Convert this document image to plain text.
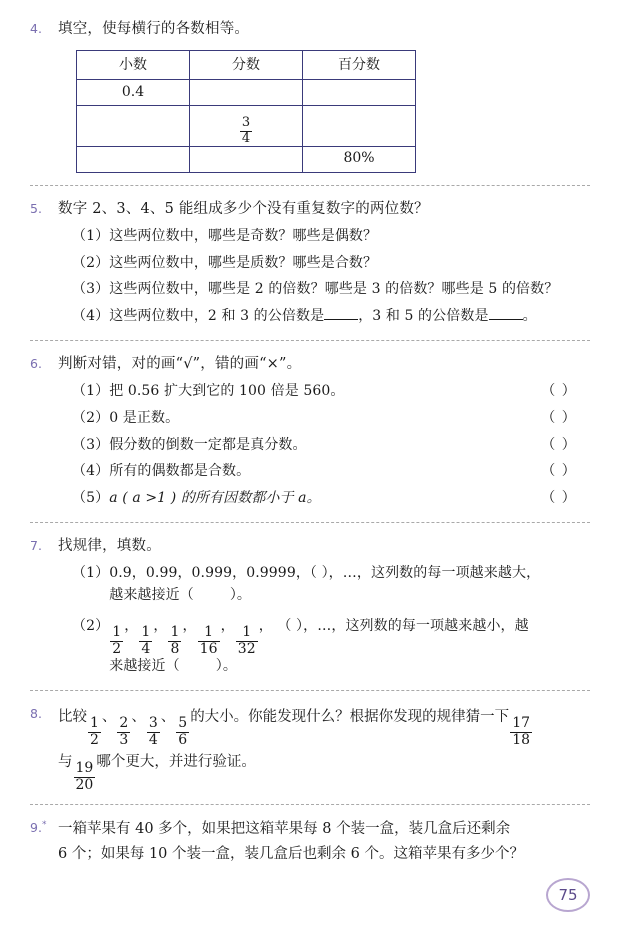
4.	填空，使每横行的各数相等。
小数	分数	百分数
0.4		

	$\frac{3}{4}$

		80%
5.	数字 2、3、4、5 能组成多少个没有重复数字的两位数？
（1） 这些两位数中，哪些是奇数？哪些是偶数？
（2） 这些两位数中，哪些是质数？哪些是合数？
（3） 这些两位数中，哪些是 2 的倍数？哪些是 3 的倍数？哪些是 5 的倍数？
（4） 这些两位数中，2 和 3 的公倍数是 ，3 和 5 的公倍数是 。
6.	判断对错，对的画“√”，错的画“×”。
（1）把 0.56 扩大到它的 100 倍是 560。	（ ）
（2）0 是正数。	（ ）
（3）假分数的倒数一定都是真分数。	（ ）
（4）所有的偶数都是合数。	（ ）
（5）a ( a >1 ) 的所有因数都小于 a。	（ ）
7.	找规律，填数。
（1） 0.9，0.99，0.999，0.9999，（ ），…，这列数的每一项越来越大，
越来越接近（	）。
$(2) \frac{1}{2}$ ， $\frac{1}{4}$ ， $\frac{1}{8}$ ， $\frac{1}{16}$ ， $\frac{1}{32}$ ， （ ），…，这列数的每一项越来越小，越
来越接近（	）。
8.	比较 $\frac{1}{2}$ 、 $\frac{2}{3}$ 、 $\frac{3}{4}$ 、 $\frac{5}{6}$ 的大小。你能发现什么？根据你发现的规律猜一下 $\frac{17}{18}$

与 $\frac{19}{20}$ 哪个更大，并进行验证。
9.* 一箱苹果有 40 多个，如果把这箱苹果每 8 个装一盒，装几盒后还剩余
6 个；如果每 10 个装一盒，装几盒后也剩余 6 个。这箱苹果有多少个？
75
